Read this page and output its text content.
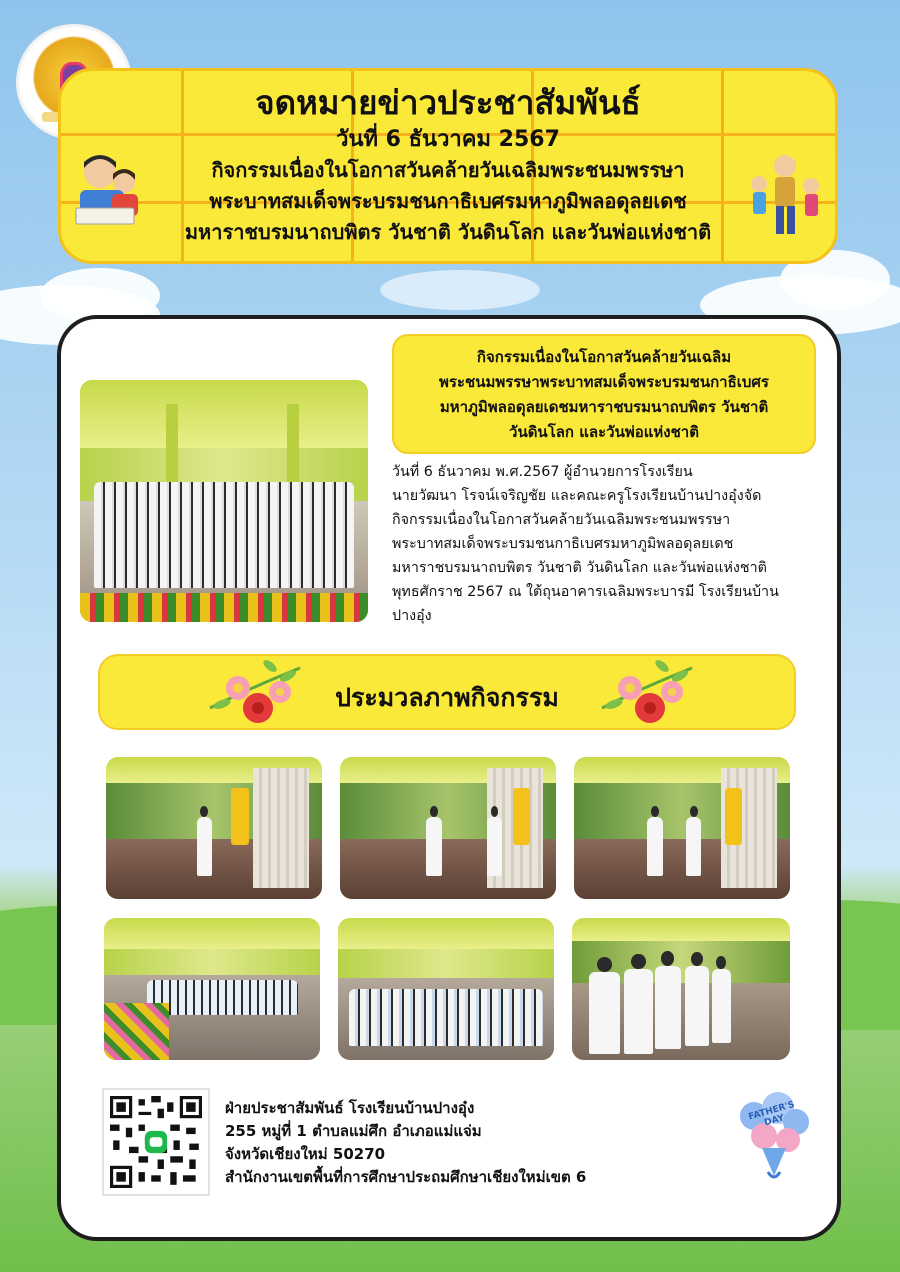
จดหมายข่าวประชาสัมพันธ์
วันที่ 6 ธันวาคม 2567
กิจกรรมเนื่องในโอกาสวันคล้ายวันเฉลิมพระชนมพรรษา
พระบาทสมเด็จพระบรมชนกาธิเบศรมหาภูมิพลอดุลยเดช
มหาราชบรมนาถบพิตร วันชาติ วันดินโลก และวันพ่อแห่งชาติ
กิจกรรมเนื่องในโอกาสวันคล้ายวันเฉลิม
พระชนมพรรษาพระบาทสมเด็จพระบรมชนกาธิเบศร
มหาภูมิพลอดุลยเดชมหาราชบรมนาถบพิตร วันชาติ
วันดินโลก และวันพ่อแห่งชาติ
วันที่ 6 ธันวาคม พ.ศ.2567 ผู้อำนวยการโรงเรียน
นายวัฒนา โรจน์เจริญชัย และคณะครูโรงเรียนบ้านปางอุ๋งจัด
กิจกรรมเนื่องในโอกาสวันคล้ายวันเฉลิมพระชนมพรรษา
พระบาทสมเด็จพระบรมชนกาธิเบศรมหาภูมิพลอดุลยเดช
มหาราชบรมนาถบพิตร วันชาติ วันดินโลก และวันพ่อแห่งชาติ
พุทธศักราช 2567 ณ ใต้ถุนอาคารเฉลิมพระบารมี โรงเรียนบ้าน
ปางอุ๋ง
ประมวลภาพกิจกรรม
ฝ่ายประชาสัมพันธ์ โรงเรียนบ้านปางอุ๋ง
255 หมู่ที่ 1 ตำบลแม่ศึก อำเภอแม่แจ่ม
จังหวัดเชียงใหม่ 50270
สำนักงานเขตพื้นที่การศึกษาประถมศึกษาเชียงใหม่เขต 6
FATHER'S DAY
